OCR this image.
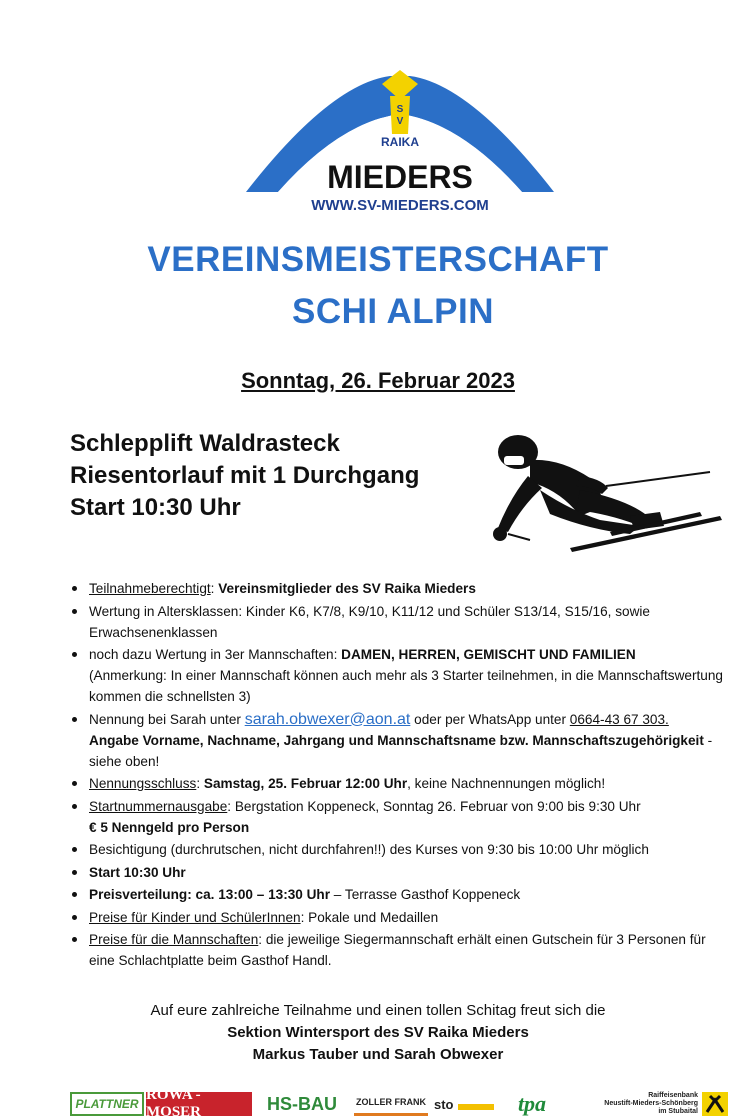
S
V
RAIKA
MIEDERS
WWW.SV-MIEDERS.COM
VEREINSMEISTERSCHAFT
SCHI ALPIN
Sonntag, 26. Februar 2023
Schlepplift Waldrasteck
Riesentorlauf mit 1 Durchgang
Start 10:30 Uhr
Teilnahmeberechtigt: Vereinsmitglieder des SV Raika Mieders
Wertung in Altersklassen: Kinder K6, K7/8, K9/10, K11/12 und Schüler S13/14, S15/16, sowie Erwachsenenklassen
noch dazu Wertung in 3er Mannschaften: DAMEN, HERREN, GEMISCHT UND FAMILIEN
(Anmerkung: In einer Mannschaft können auch mehr als 3 Starter teilnehmen, in die Mannschaftswertung kommen die schnellsten 3)
Nennung bei Sarah unter sarah.obwexer@aon.at oder per WhatsApp unter 0664-43 67 303.
Angabe Vorname, Nachname, Jahrgang und Mannschaftsname bzw. Mannschaftszugehörigkeit - siehe oben!
Nennungsschluss: Samstag, 25. Februar 12:00 Uhr, keine Nachnennungen möglich!
Startnummernausgabe: Bergstation Koppeneck, Sonntag 26. Februar von 9:00 bis 9:30 Uhr
€ 5 Nenngeld pro Person
Besichtigung (durchrutschen, nicht durchfahren!!) des Kurses von 9:30 bis 10:00 Uhr möglich
Start 10:30 Uhr
Preisverteilung: ca. 13:00 – 13:30 Uhr – Terrasse Gasthof Koppeneck
Preise für Kinder und SchülerInnen: Pokale und Medaillen
Preise für die Mannschaften: die jeweilige Siegermannschaft erhält einen Gutschein für 3 Personen für eine Schlachtplatte beim Gasthof Handl.
Auf eure zahlreiche Teilnahme und einen tollen Schitag freut sich die
Sektion Wintersport des SV Raika Mieders
Markus Tauber und Sarah Obwexer
PLATTNER
ROWA - MOSER	HS-BAU	ZOLLER FRANK sto	tpa	Raiffeisenbank
Neustift-Mieders-Schönberg
im Stubaital
